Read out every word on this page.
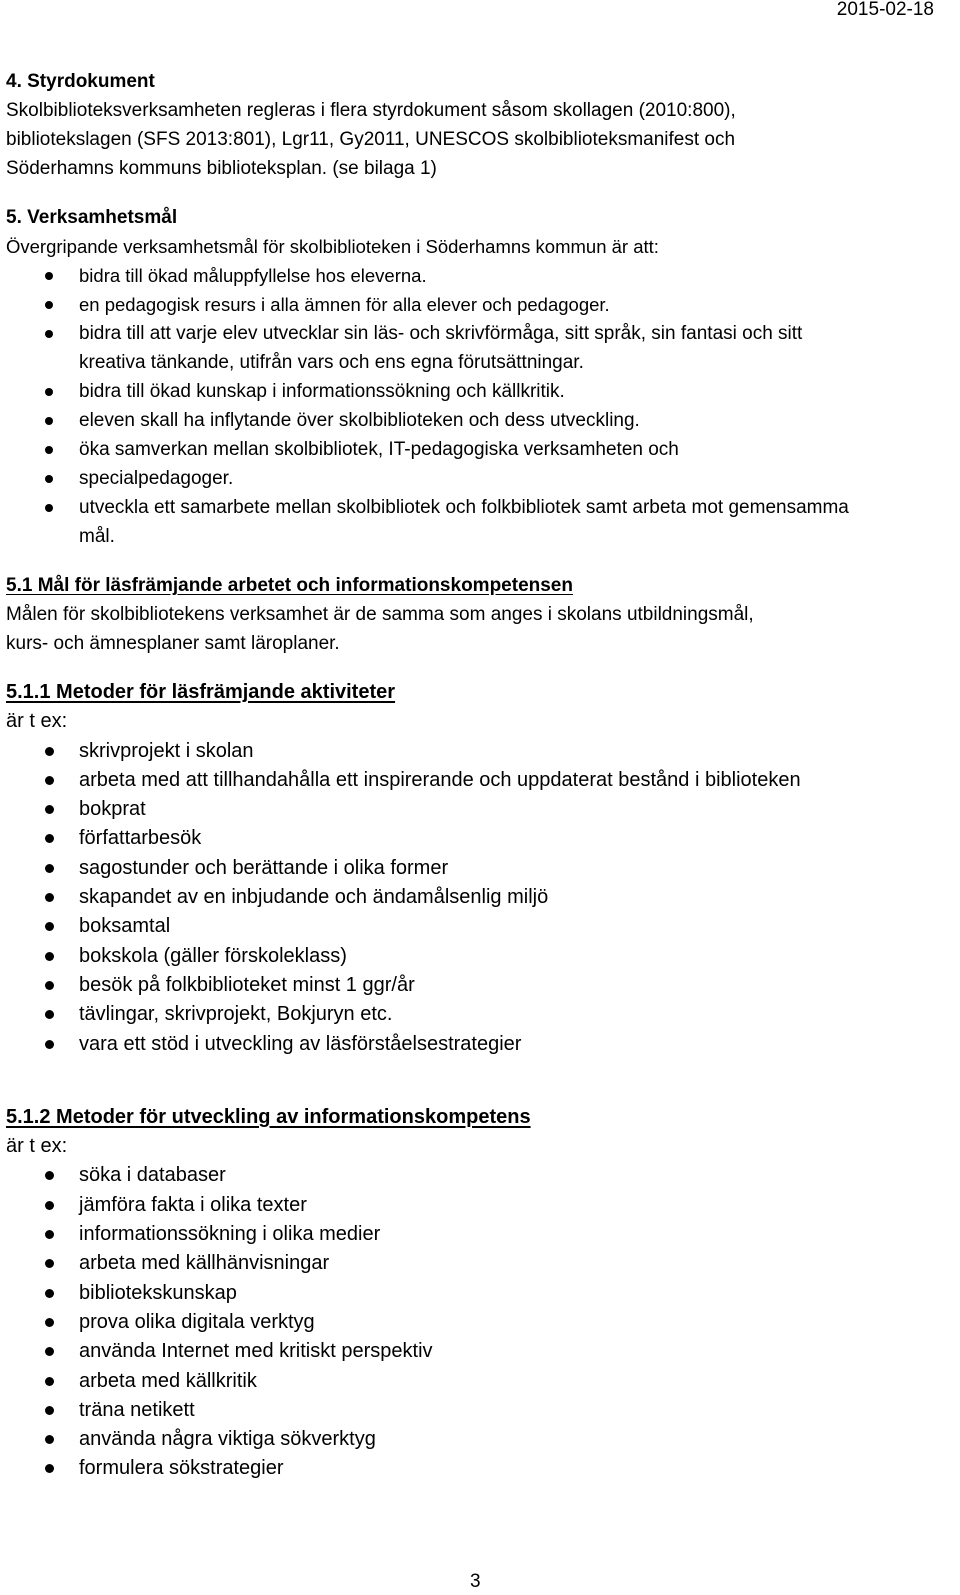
2015-02-18

4. Styrdokument

Skolbiblioteksverksamheten regleras i flera styrdokument såsom skollagen (2010:800),

bibliotekslagen (SFS 2013:801), Lgr11, Gy2011, UNESCOS skolbiblioteksmanifest och

Söderhamns kommuns biblioteksplan. (se bilaga 1)

5. Verksamhetsmål

Övergripande verksamhetsmål för skolbiblioteken i Söderhamns kommun är att:

bidra till ökad måluppfyllelse hos eleverna.
en pedagogisk resurs i alla ämnen för alla elever och pedagoger.
bidra till att varje elev utvecklar sin läs- och skrivförmåga, sitt språk, sin fantasi och sitt
kreativa tänkande, utifrån vars och ens egna förutsättningar.
bidra till ökad kunskap i informationssökning och källkritik.
eleven skall ha inflytande över skolbiblioteken och dess utveckling.
öka samverkan mellan skolbibliotek, IT-pedagogiska verksamheten och
specialpedagoger.
utveckla ett samarbete mellan skolbibliotek och folkbibliotek samt arbeta mot gemensamma
mål.

5.1 Mål för läsfrämjande arbetet och informationskompetensen

Målen för skolbibliotekens verksamhet är de samma som anges i skolans utbildningsmål,

kurs- och ämnesplaner samt läroplaner.

5.1.1 Metoder för läsfrämjande aktiviteter

är t ex:

skrivprojekt i skolan
arbeta med att tillhandahålla ett inspirerande och uppdaterat bestånd i biblioteken
bokprat
författarbesök
sagostunder och berättande i olika former
skapandet av en inbjudande och ändamålsenlig miljö
boksamtal
bokskola (gäller förskoleklass)
besök på folkbiblioteket minst 1 ggr/år
tävlingar, skrivprojekt, Bokjuryn etc.
vara ett stöd i utveckling av läsförståelsestrategier

5.1.2 Metoder för utveckling av informationskompetens

är t ex:

söka i databaser
jämföra fakta i olika texter
informationssökning i olika medier
arbeta med källhänvisningar
bibliotekskunskap
prova olika digitala verktyg
använda Internet med kritiskt perspektiv
arbeta med källkritik
träna netikett
använda några viktiga sökverktyg
formulera sökstrategier
3
